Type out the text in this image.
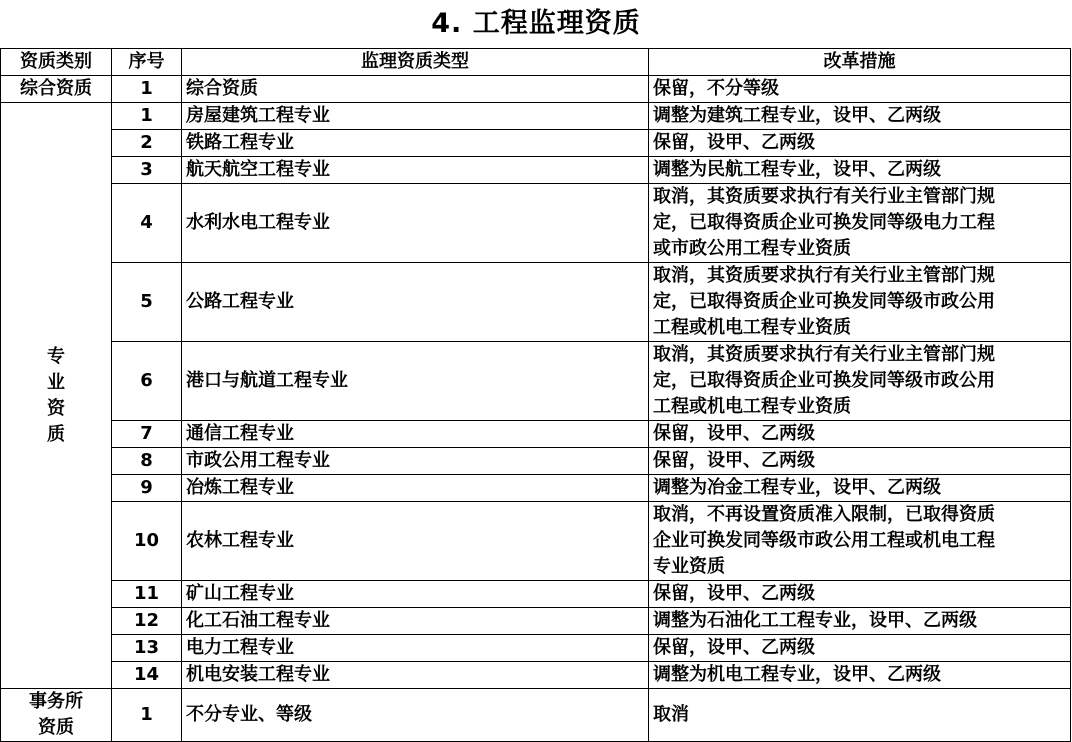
4. 工程监理资质
资质类别	序号	监理资质类型	改革措施
综合资质	1	综合资质	保留，不分等级

专
业
资
质	1	房屋建筑工程专业	调整为建筑工程专业，设甲、乙两级
	2	铁路工程专业	保留，设甲、乙两级
	3	航天航空工程专业	调整为民航工程专业，设甲、乙两级
	4	水利水电工程专业	取消，其资质要求执行有关行业主管部门规
定，已取得资质企业可换发同等级电力工程
或市政公用工程专业资质

	5	公路工程专业	取消，其资质要求执行有关行业主管部门规
定，已取得资质企业可换发同等级市政公用
工程或机电工程专业资质

	6	港口与航道工程专业	取消，其资质要求执行有关行业主管部门规
定，已取得资质企业可换发同等级市政公用
工程或机电工程专业资质

	7	通信工程专业	保留，设甲、乙两级
	8	市政公用工程专业	保留，设甲、乙两级
	9	冶炼工程专业	调整为冶金工程专业，设甲、乙两级
	10	农林工程专业	取消，不再设置资质准入限制，已取得资质
企业可换发同等级市政公用工程或机电工程
专业资质

	11	矿山工程专业	保留，设甲、乙两级
	12	化工石油工程专业	调整为石油化工工程专业，设甲、乙两级
	13	电力工程专业	保留，设甲、乙两级
	14	机电安装工程专业	调整为机电工程专业，设甲、乙两级

事务所
资质	1	不分专业、等级	取消
